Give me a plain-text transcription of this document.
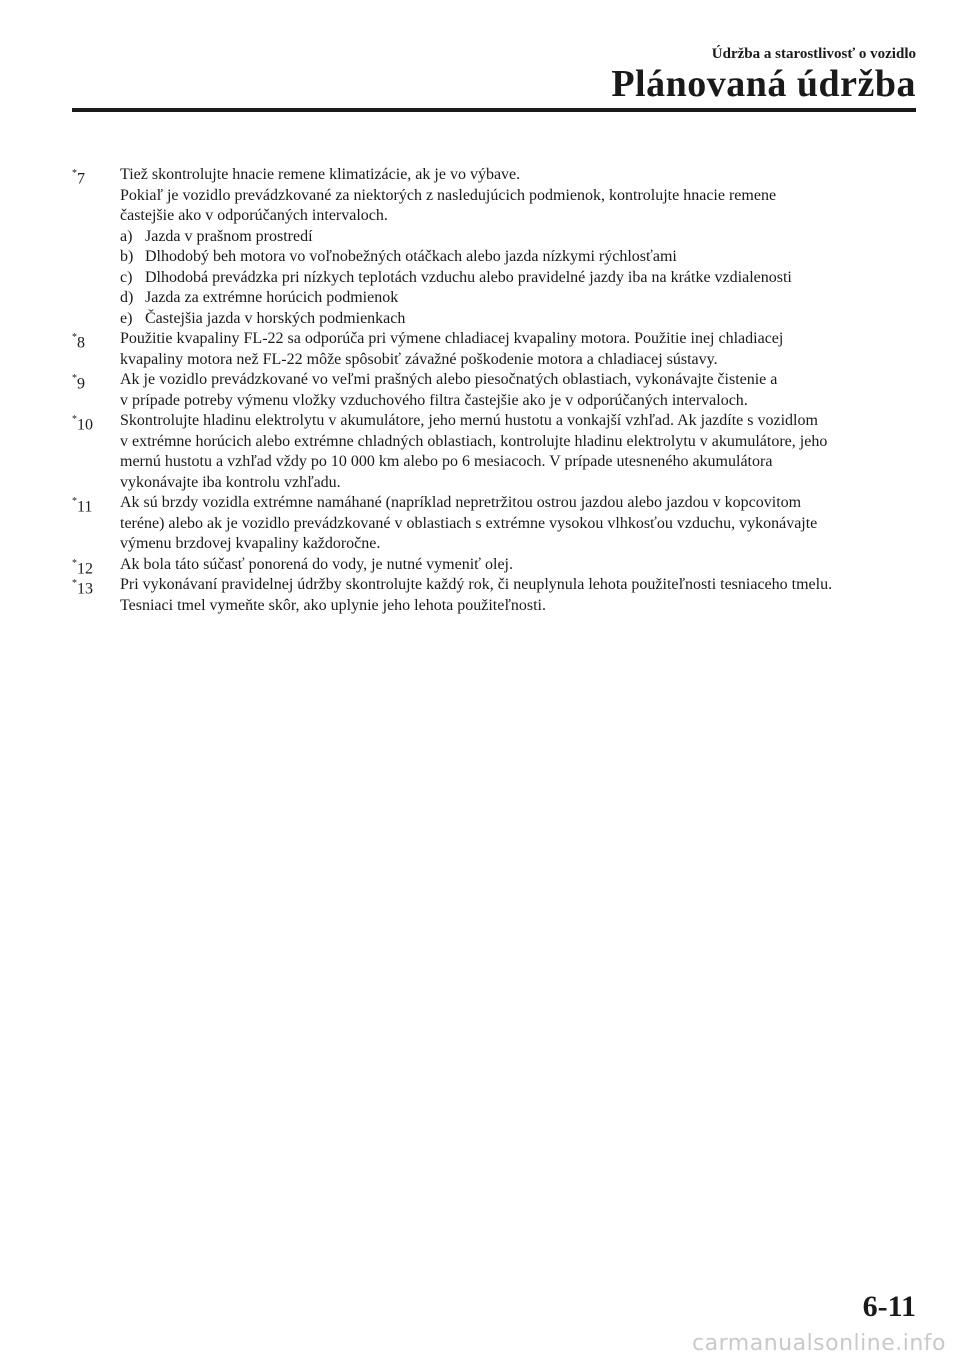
Údržba a starostlivosť o vozidlo
Plánovaná údržba
*7 Tiež skontrolujte hnacie remene klimatizácie, ak je vo výbave.

Pokiaľ je vozidlo prevádzkované za niektorých z nasledujúcich podmienok, kontrolujte hnacie remene

častejšie ako v odporúčaných intervaloch.

a) Jazda v prašnom prostredí
b) Dlhodobý beh motora vo voľnobežných otáčkach alebo jazda nízkymi rýchlosťami
c) Dlhodobá prevádzka pri nízkych teplotách vzduchu alebo pravidelné jazdy iba na krátke vzdialenosti
d) Jazda za extrémne horúcich podmienok
e) Častejšia jazda v horských podmienkach
*8 Použitie kvapaliny FL-22 sa odporúča pri výmene chladiacej kvapaliny motora. Použitie inej chladiacej

kvapaliny motora než FL-22 môže spôsobiť závažné poškodenie motora a chladiacej sústavy.

*9 Ak je vozidlo prevádzkované vo veľmi prašných alebo piesočnatých oblastiach, vykonávajte čistenie a

v prípade potreby výmenu vložky vzduchového filtra častejšie ako je v odporúčaných intervaloch.

*10 Skontrolujte hladinu elektrolytu v akumulátore, jeho mernú hustotu a vonkajší vzhľad. Ak jazdíte s vozidlom

v extrémne horúcich alebo extrémne chladných oblastiach, kontrolujte hladinu elektrolytu v akumulátore, jeho

mernú hustotu a vzhľad vždy po 10 000 km alebo po 6 mesiacoch. V prípade utesneného akumulátora

vykonávajte iba kontrolu vzhľadu.

*11 Ak sú brzdy vozidla extrémne namáhané (napríklad nepretržitou ostrou jazdou alebo jazdou v kopcovitom

teréne) alebo ak je vozidlo prevádzkované v oblastiach s extrémne vysokou vlhkosťou vzduchu, vykonávajte

výmenu brzdovej kvapaliny každoročne.

*12 Ak bola táto súčasť ponorená do vody, je nutné vymeniť olej.

*13 Pri vykonávaní pravidelnej údržby skontrolujte každý rok, či neuplynula lehota použiteľnosti tesniaceho tmelu.

Tesniaci tmel vymeňte skôr, ako uplynie jeho lehota použiteľnosti.

6-11
carmanualsonline.info
